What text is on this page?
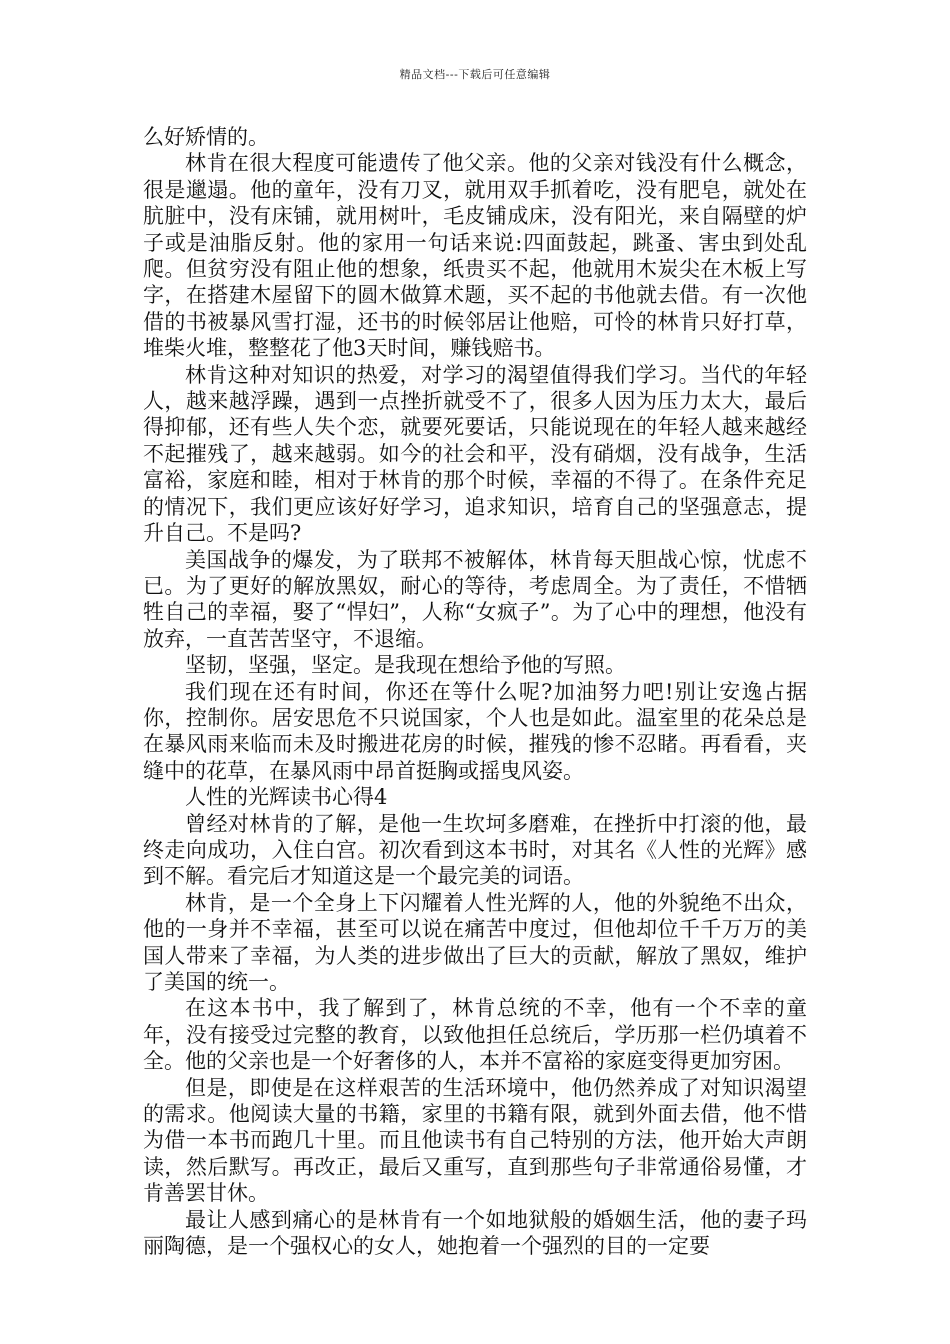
精品文档---下载后可任意编辑

么好矫情的。

林肯在很大程度可能遗传了他父亲。他的父亲对钱没有什么概念，很是邋遢。他的童年，没有刀叉，就用双手抓着吃，没有肥皂，就处在肮脏中，没有床铺，就用树叶，毛皮铺成床，没有阳光，来自隔壁的炉子或是油脂反射。他的家用一句话来说:四面鼓起，跳蚤、害虫到处乱爬。但贫穷没有阻止他的想象，纸贵买不起，他就用木炭尖在木板上写字，在搭建木屋留下的圆木做算术题，买不起的书他就去借。有一次他借的书被暴风雪打湿，还书的时候邻居让他赔，可怜的林肯只好打草，堆柴火堆，整整花了他3天时间，赚钱赔书。

林肯这种对知识的热爱，对学习的渴望值得我们学习。当代的年轻人，越来越浮躁，遇到一点挫折就受不了，很多人因为压力太大，最后得抑郁，还有些人失个恋，就要死要话，只能说现在的年轻人越来越经不起摧残了，越来越弱。如今的社会和平，没有硝烟，没有战争，生活富裕，家庭和睦，相对于林肯的那个时候，幸福的不得了。在条件充足的情况下，我们更应该好好学习，追求知识，培育自己的坚强意志，提升自己。不是吗?

美国战争的爆发，为了联邦不被解体，林肯每天胆战心惊，忧虑不已。为了更好的解放黑奴，耐心的等待，考虑周全。为了责任，不惜牺牲自己的幸福，娶了“悍妇”，人称“女疯子”。为了心中的理想，他没有放弃，一直苦苦坚守，不退缩。

坚韧，坚强，坚定。是我现在想给予他的写照。

我们现在还有时间，你还在等什么呢?加油努力吧!别让安逸占据你，控制你。居安思危不只说国家，个人也是如此。温室里的花朵总是在暴风雨来临而未及时搬进花房的时候，摧残的惨不忍睹。再看看，夹缝中的花草，在暴风雨中昂首挺胸或摇曳风姿。

人性的光辉读书心得4

曾经对林肯的了解，是他一生坎坷多磨难，在挫折中打滚的他，最终走向成功，入住白宫。初次看到这本书时，对其名《人性的光辉》感到不解。看完后才知道这是一个最完美的词语。

林肯，是一个全身上下闪耀着人性光辉的人，他的外貌绝不出众，他的一身并不幸福，甚至可以说在痛苦中度过，但他却位千千万万的美国人带来了幸福，为人类的进步做出了巨大的贡献，解放了黑奴，维护了美国的统一。

在这本书中，我了解到了，林肯总统的不幸，他有一个不幸的童年，没有接受过完整的教育，以致他担任总统后，学历那一栏仍填着不全。他的父亲也是一个好奢侈的人，本并不富裕的家庭变得更加穷困。

但是，即使是在这样艰苦的生活环境中，他仍然养成了对知识渴望的需求。他阅读大量的书籍，家里的书籍有限，就到外面去借，他不惜为借一本书而跑几十里。而且他读书有自己特别的方法，他开始大声朗读，然后默写。再改正，最后又重写，直到那些句子非常通俗易懂，才肯善罢甘休。

最让人感到痛心的是林肯有一个如地狱般的婚姻生活，他的妻子玛丽陶德，是一个强权心的女人，她抱着一个强烈的目的一定要
